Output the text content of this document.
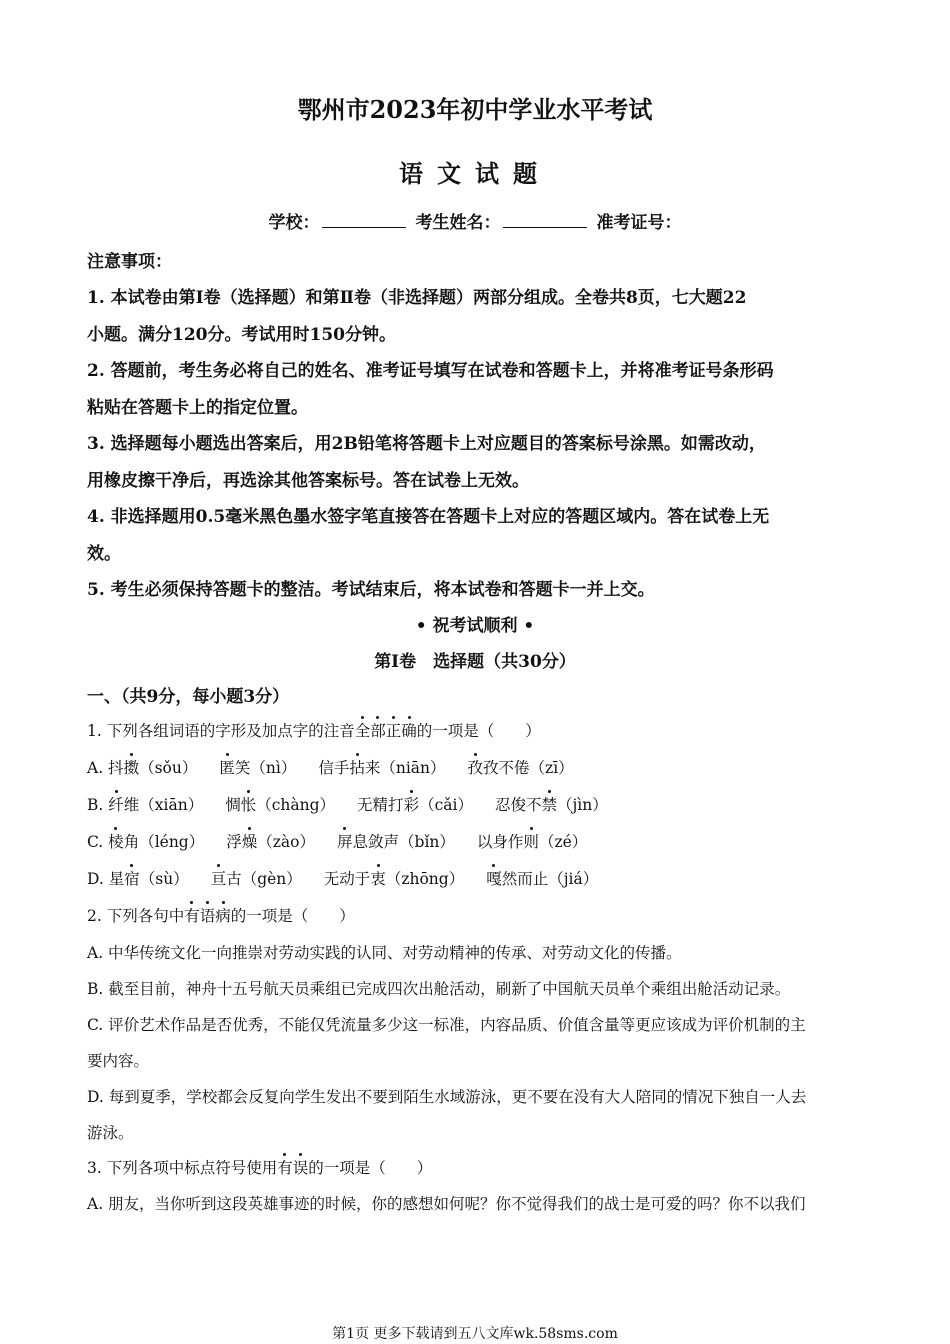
鄂州市2023年初中学业水平考试
语文试题
学校：	考生姓名：	准考证号：
注意事项：
1. 本试卷由第Ⅰ卷（选择题）和第Ⅱ卷（非选择题）两部分组成。全卷共8页，七大题22
小题。满分120分。考试用时150分钟。
2. 答题前，考生务必将自己的姓名、准考证号填写在试卷和答题卡上，并将准考证号条形码
粘贴在答题卡上的指定位置。
3. 选择题每小题选出答案后，用2B铅笔将答题卡上对应题目的答案标号涂黑。如需改动，
用橡皮擦干净后，再选涂其他答案标号。答在试卷上无效。
4. 非选择题用0.5毫米黑色墨水签字笔直接答在答题卡上对应的答题区域内。答在试卷上无
效。
5. 考生必须保持答题卡的整洁。考试结束后，将本试卷和答题卡一并上交。
• 祝考试顺利 •
第Ⅰ卷　选择题（共30分）
一、（共9分，每小题3分）
1. 下列各组词语的字形及加点字的注音全部正确的一项是（　　）
A. 抖擞（sǒu） 匿笑（nì） 信手拈来（niān） 孜孜不倦（zī）
B. 纤维（xiān） 惆怅（chàng） 无精打彩（cǎi） 忍俊不禁（jìn）
C. 棱角（léng） 浮燥（zào） 屏息敛声（bǐn） 以身作则（zé）
D. 星宿（sù） 亘古（gèn） 无动于衷（zhōng） 嘎然而止（jiá）
2. 下列各句中有语病的一项是（　　）
A. 中华传统文化一向推崇对劳动实践的认同、对劳动精神的传承、对劳动文化的传播。
B. 截至目前，神舟十五号航天员乘组已完成四次出舱活动，刷新了中国航天员单个乘组出舱活动记录。
C. 评价艺术作品是否优秀，不能仅凭流量多少这一标准，内容品质、价值含量等更应该成为评价机制的主
要内容。
D. 每到夏季，学校都会反复向学生发出不要到陌生水域游泳，更不要在没有大人陪同的情况下独自一人去
游泳。
3. 下列各项中标点符号使用有误的一项是（　　）
A. 朋友，当你听到这段英雄事迹的时候，你的感想如何呢？你不觉得我们的战士是可爱的吗？你不以我们
第1页 更多下载请到五八文库wk.58sms.com
